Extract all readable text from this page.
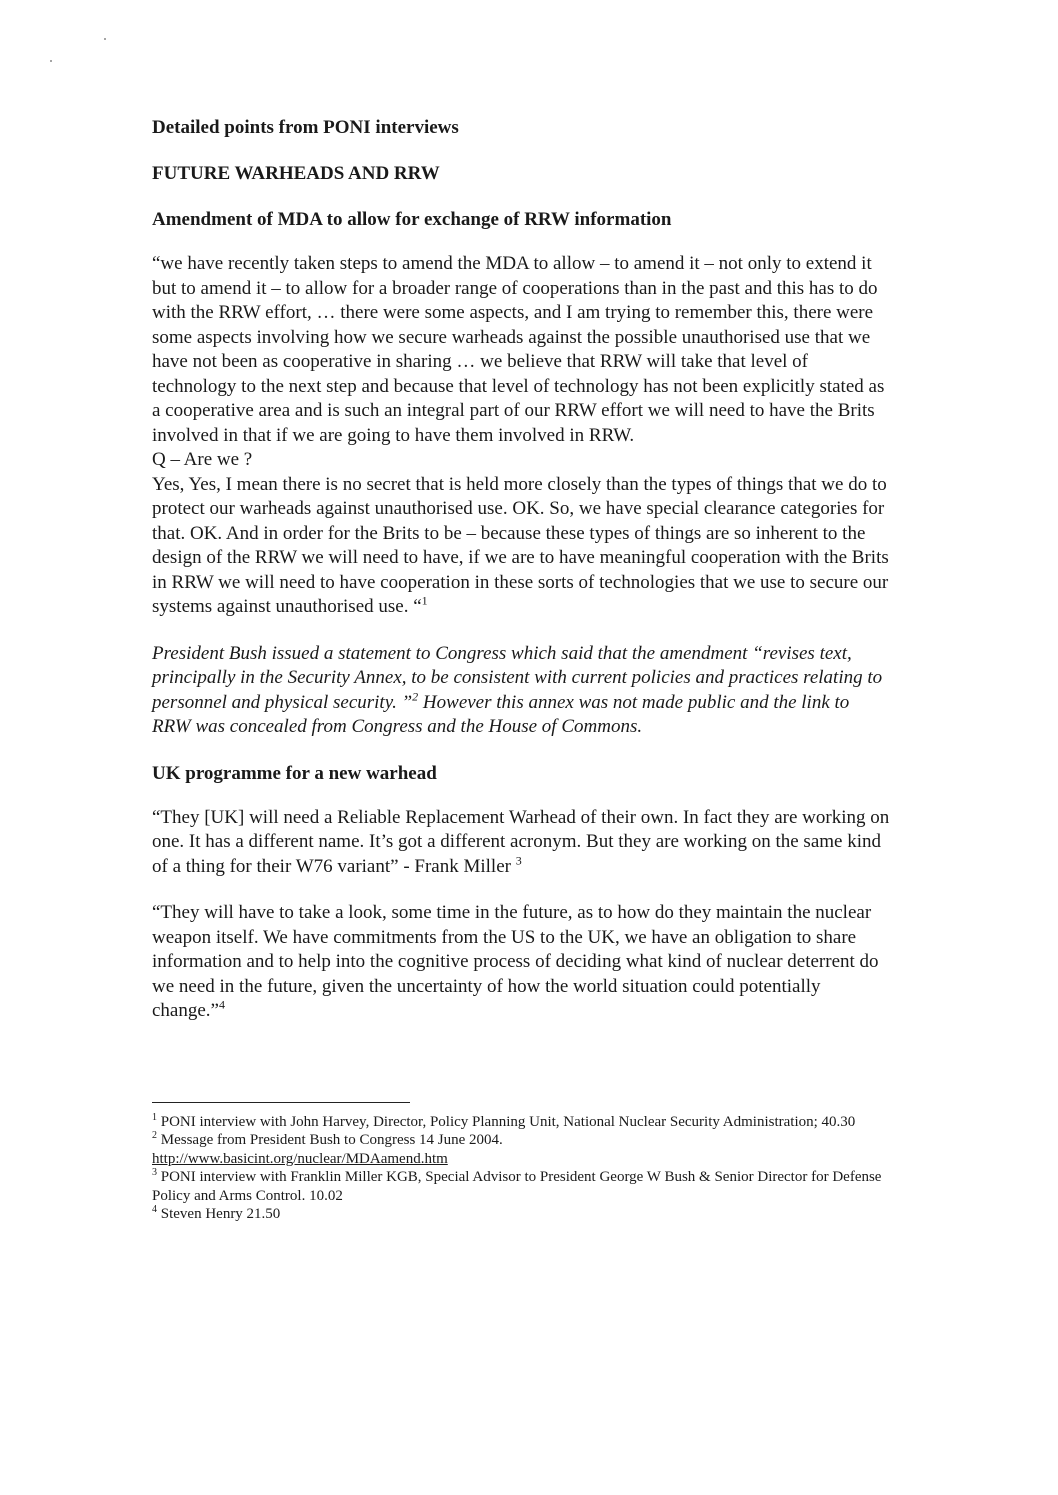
Detailed points from PONI interviews
FUTURE WARHEADS AND RRW
Amendment of MDA to allow for exchange of RRW information

“we have recently taken steps to amend the MDA to allow – to amend it – not only to extend it but to amend it – to allow for a broader range of cooperations than in the past and this has to do with the RRW effort, … there were some aspects, and I am trying to remember this, there were some aspects involving how we secure warheads against the possible unauthorised use that we have not been as cooperative in sharing … we believe that RRW will take that level of technology to the next step and because that level of technology has not been explicitly stated as a cooperative area and is such an integral part of our RRW effort we will need to have the Brits involved in that if we are going to have them involved in RRW.

Q – Are we ?

Yes, Yes, I mean there is no secret that is held more closely than the types of things that we do to protect our warheads against unauthorised use. OK. So, we have special clearance categories for that. OK. And in order for the Brits to be – because these types of things are so inherent to the design of the RRW we will need to have, if we are to have meaningful cooperation with the Brits in RRW we will need to have cooperation in these sorts of technologies that we use to secure our systems against unauthorised use. “$^1$

President Bush issued a statement to Congress which said that the amendment “revises text, principally in the Security Annex, to be consistent with current policies and practices relating to personnel and physical security. ”$^2$ However this annex was not made public and the link to RRW was concealed from Congress and the House of Commons.

UK programme for a new warhead

“They [UK] will need a Reliable Replacement Warhead of their own. In fact they are working on one. It has a different name. It’s got a different acronym. But they are working on the same kind of a thing for their W76 variant” - Frank Miller $^3$

“They will have to take a look, some time in the future, as to how do they maintain the nuclear weapon itself. We have commitments from the US to the UK, we have an obligation to share information and to help into the cognitive process of deciding what kind of nuclear deterrent do we need in the future, given the uncertainty of how the world situation could potentially change.”$^4$

$^1$ PONI interview with John Harvey, Director, Policy Planning Unit, National Nuclear Security Administration; 40.30

$^2$ Message from President Bush to Congress 14 June 2004.

http://www.basicint.org/nuclear/MDAamend.htm

$^3$ PONI interview with Franklin Miller KGB, Special Advisor to President George W Bush & Senior Director for Defense Policy and Arms Control. 10.02

$^4$ Steven Henry 21.50
